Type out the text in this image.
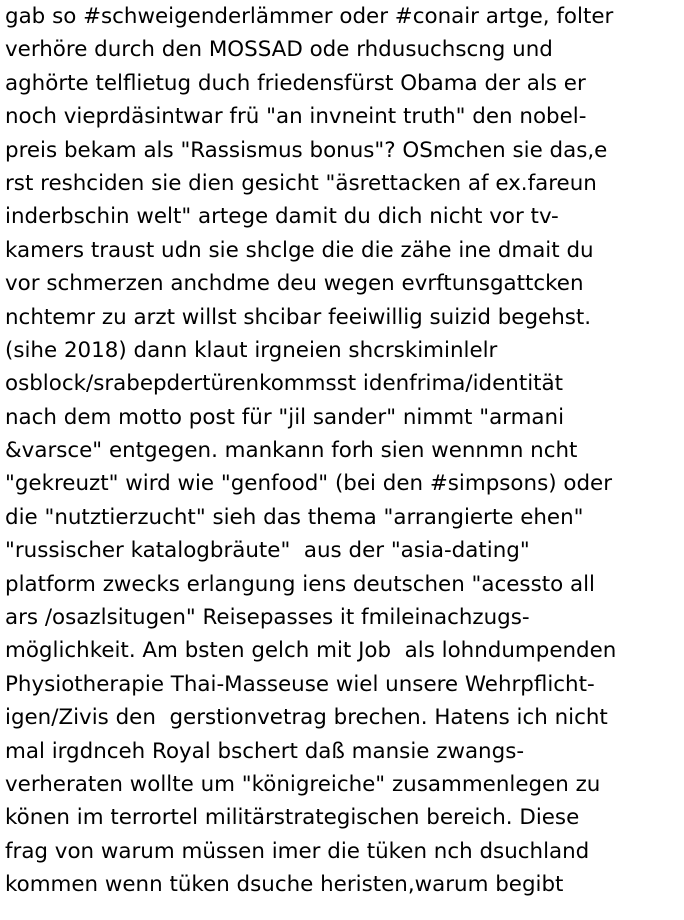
gab so #schweigenderlämmer oder #conair artge, folter
verhöre durch den MOSSAD ode rhdusuchscng und
aghörte telflietug duch friedensfürst Obama der als er
noch vieprdäsintwar frü "an invneint truth" den nobel-
preis bekam als "Rassismus bonus"? OSmchen sie das,e
rst reshciden sie dien gesicht "äsrettacken af ex.fareun
inderbschin welt" artege damit du dich nicht vor tv-
kamers traust udn sie shclge die die zähe ine dmait du
vor schmerzen anchdme deu wegen evrftunsgattcken
nchtemr zu arzt willst shcibar feeiwillig suizid begehst.
(sihe 2018) dann klaut irgneien shcrskiminlelr
osblock/srabepdertürenkommsst idenfrima/identität
nach dem motto post für "jil sander" nimmt "armani
&varsce" entgegen. mankann forh sien wennmn ncht
"gekreuzt" wird wie "genfood" (bei den #simpsons) oder
die "nutztierzucht" sieh das thema "arrangierte ehen"
"russischer katalogbräute"  aus der "asia-dating"
platform zwecks erlangung iens deutschen "acessto all
ars /osazlsitugen" Reisepasses it fmileinachzugs-
möglichkeit. Am bsten gelch mit Job  als lohndumpenden
Physiotherapie Thai-Masseuse wiel unsere Wehrpflicht-
igen/Zivis den  gerstionvetrag brechen. Hatens ich nicht
mal irgdnceh Royal bschert daß mansie zwangs-
verheraten wollte um "königreiche" zusammenlegen zu
könen im terrortel militärstrategischen bereich. Diese
frag von warum müssen imer die tüken nch dsuchland
kommen wenn tüken dsuche heristen,warum begibt
